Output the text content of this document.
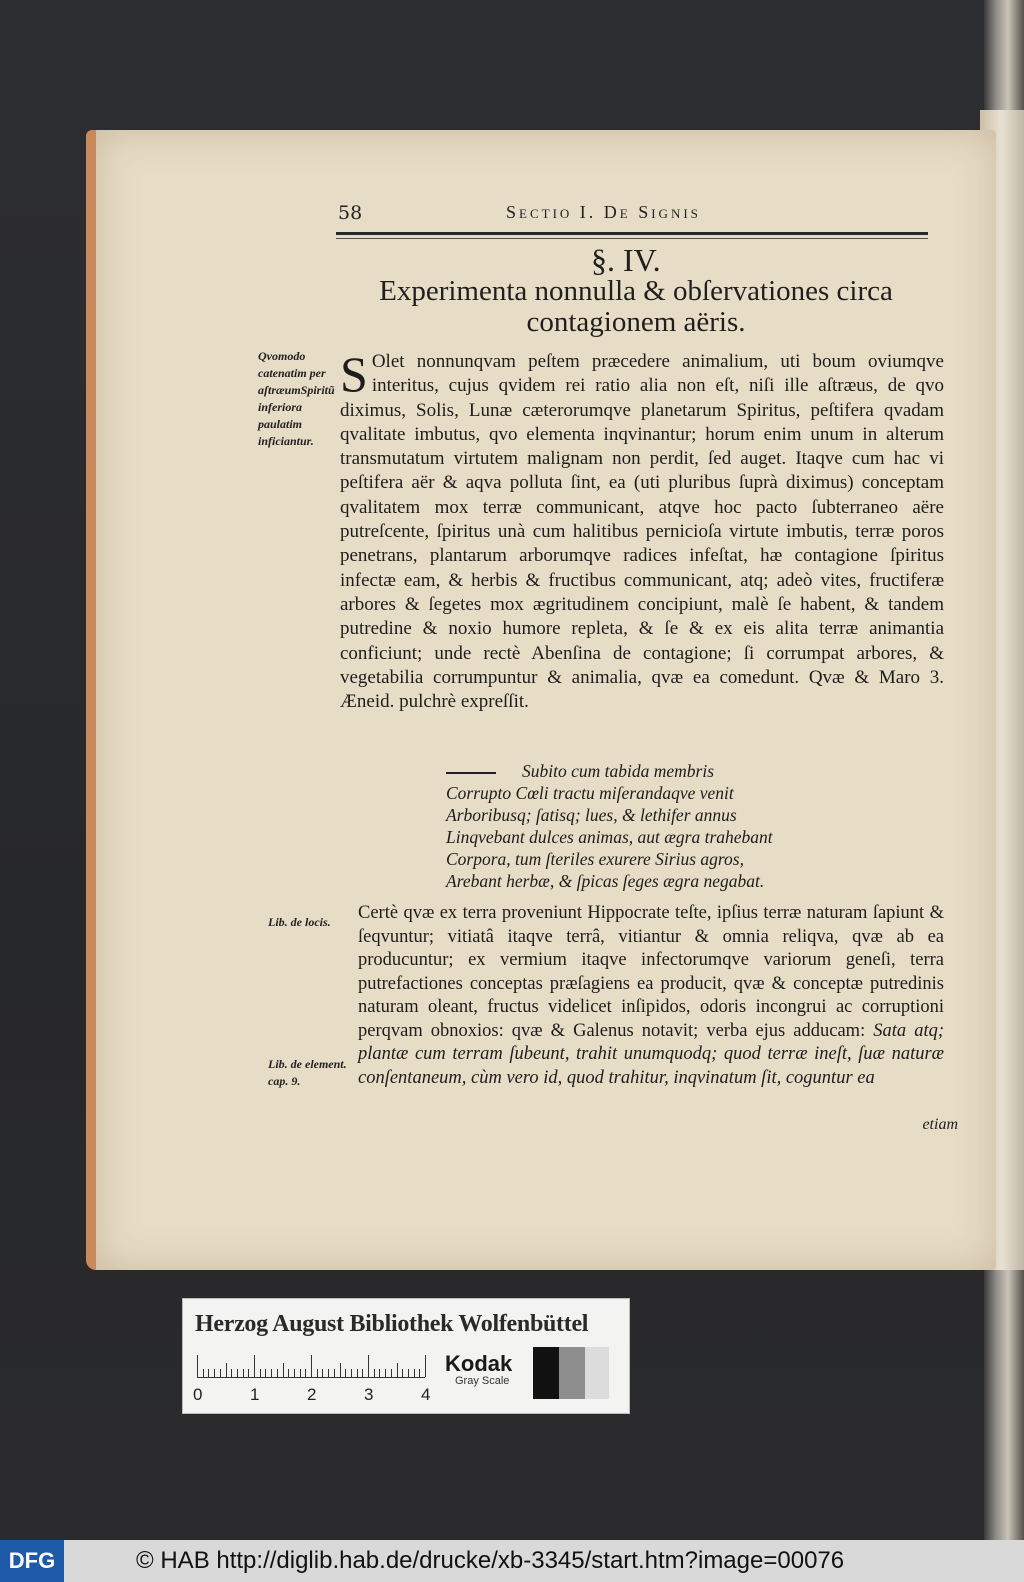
58	Sectio I. De Signis
§. IV.
Experimenta nonnulla & obſervationes circa
contagionem aëris.
Qvomodo catenatim per aſtræumSpiritũ inferiora paulatim inficiantur.
S Olet nonnunqvam peſtem præcedere animalium, uti boum oviumqve interitus, cujus qvidem rei ratio alia non eſt, niſi ille aſtræus, de qvo diximus, Solis, Lunæ cæterorumqve planetarum Spiritus, peſtifera qvadam qvalitate imbutus, qvo elementa inqvinantur; horum enim unum in alterum transmutatum virtutem malignam non perdit, ſed auget. Itaqve cum hac vi peſtifera aër & aqva polluta ſint, ea (uti pluribus ſuprà diximus) conceptam qvalitatem mox terræ communicant, atqve hoc pacto ſubterraneo aëre putreſcente, ſpiritus unà cum halitibus pernicioſa virtute imbutis, terræ poros penetrans, plantarum arborumqve radices infeſtat, hæ contagione ſpiritus infectæ eam, & herbis & fructibus communicant, atq; adeò vites, fructiferæ arbores & ſegetes mox ægritudinem concipiunt, malè ſe habent, & tandem putredine & noxio humore repleta, & ſe & ex eis alita terræ animantia conficiunt; unde rectè Abenſina de contagione; ſi corrumpat arbores, & vegetabilia corrumpuntur & animalia, qvæ ea comedunt. Qvæ & Maro 3. Æneid. pulchrè expreſſit.
Subito cum tabida membris
Corrupto Cœli tractu miſerandaqve venit
Arboribusq; ſatisq; lues, & lethifer annus
Linqvebant dulces animas, aut ægra trahebant
Corpora, tum ſteriles exurere Sirius agros,
Arebant herbæ, & ſpicas ſeges ægra negabat.
Lib. de locis.
Lib. de element. cap. 9.
Certè qvæ ex terra proveniunt Hippocrate teſte, ipſius terræ naturam ſapiunt & ſeqvuntur; vitiatâ itaqve terrâ, vitiantur & omnia reliqva, qvæ ab ea producuntur; ex vermium itaqve infectorumqve variorum geneſi, terra putrefactiones conceptas præſagiens ea producit, qvæ & conceptæ putredinis naturam oleant, fructus videlicet inſipidos, odoris incongrui ac corruptioni perqvam obnoxios: qvæ & Galenus notavit; verba ejus adducam: Sata atq; plantæ cum terram ſubeunt, trahit unumquodq; quod terræ ineſt, ſuæ naturæ conſentaneum, cùm vero id, quod trahitur, inqvinatum ſit, coguntur ea
etiam
Herzog August Bibliothek Wolfenbüttel
0	1	2	3	4
Kodak
Gray Scale
DFG	© HAB http://diglib.hab.de/drucke/xb-3345/start.htm?image=00076
